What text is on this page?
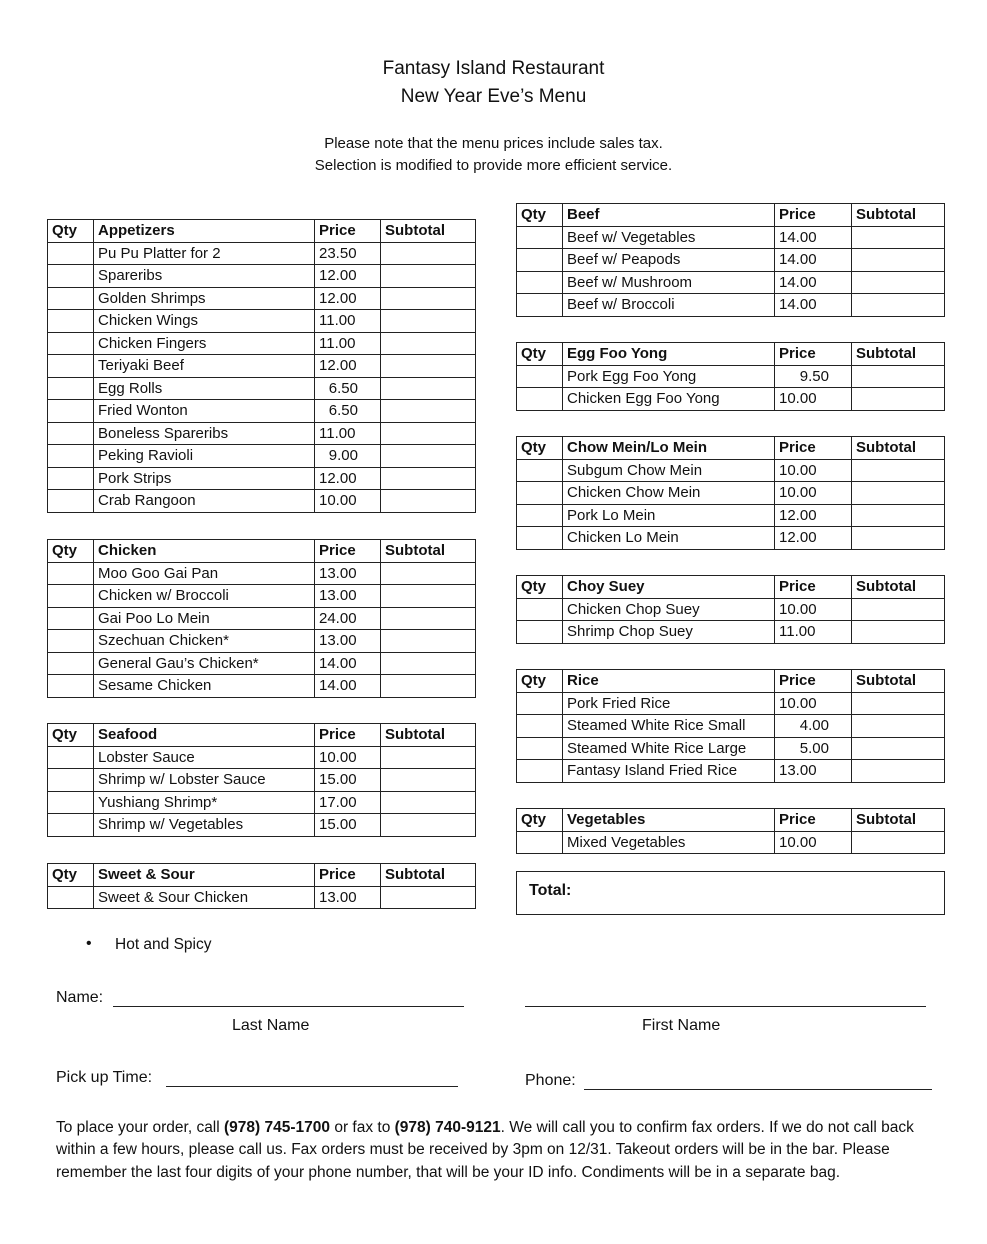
Fantasy Island Restaurant
New Year Eve’s Menu
Please note that the menu prices include sales tax.
Selection is modified to provide more efficient service.
Qty	Appetizers	Price	Subtotal
	Pu Pu Platter for 2	23.50	
	Spareribs	12.00	
	Golden Shrimps	12.00	
	Chicken Wings	11.00	
	Chicken Fingers	11.00	
	Teriyaki Beef	12.00	
	Egg Rolls	6.50	
	Fried Wonton	6.50	
	Boneless Spareribs	11.00	
	Peking Ravioli	9.00	
	Pork Strips	12.00	
	Crab Rangoon	10.00	
Qty	Chicken	Price	Subtotal
	Moo Goo Gai Pan	13.00	
	Chicken w/ Broccoli	13.00	
	Gai Poo Lo Mein	24.00	
	Szechuan Chicken*	13.00	
	General Gau’s Chicken*	14.00	
	Sesame Chicken	14.00	
Qty	Seafood	Price	Subtotal
	Lobster Sauce	10.00	
	Shrimp w/ Lobster Sauce	15.00	
	Yushiang Shrimp*	17.00	
	Shrimp w/ Vegetables	15.00	
Qty	Sweet & Sour	Price	Subtotal
	Sweet & Sour Chicken	13.00	
Qty	Beef	Price	Subtotal
	Beef w/ Vegetables	14.00	
	Beef w/ Peapods	14.00	
	Beef w/ Mushroom	14.00	
	Beef w/ Broccoli	14.00	
Qty	Egg Foo Yong	Price	Subtotal
	Pork Egg Foo Yong	9.50	
	Chicken Egg Foo Yong	10.00	
Qty	Chow Mein/Lo Mein	Price	Subtotal
	Subgum Chow Mein	10.00	
	Chicken Chow Mein	10.00	
	Pork Lo Mein	12.00	
	Chicken Lo Mein	12.00	
Qty	Choy Suey	Price	Subtotal
	Chicken Chop Suey	10.00	
	Shrimp Chop Suey	11.00	
Qty	Rice	Price	Subtotal
	Pork Fried Rice	10.00	
	Steamed White Rice Small	4.00	
	Steamed White Rice Large	5.00	
	Fantasy Island Fried Rice	13.00	
Qty	Vegetables	Price	Subtotal
	Mixed Vegetables	10.00	
Total:
• Hot and Spicy
Name:
Last Name	First Name
Pick up Time:	Phone:
To place your order, call (978) 745-1700 or fax to (978) 740-9121. We will call you to confirm fax orders. If we do not call back within a few hours, please call us. Fax orders must be received by 3pm on 12/31. Takeout orders will be in the bar. Please remember the last four digits of your phone number, that will be your ID info. Condiments will be in a separate bag.
